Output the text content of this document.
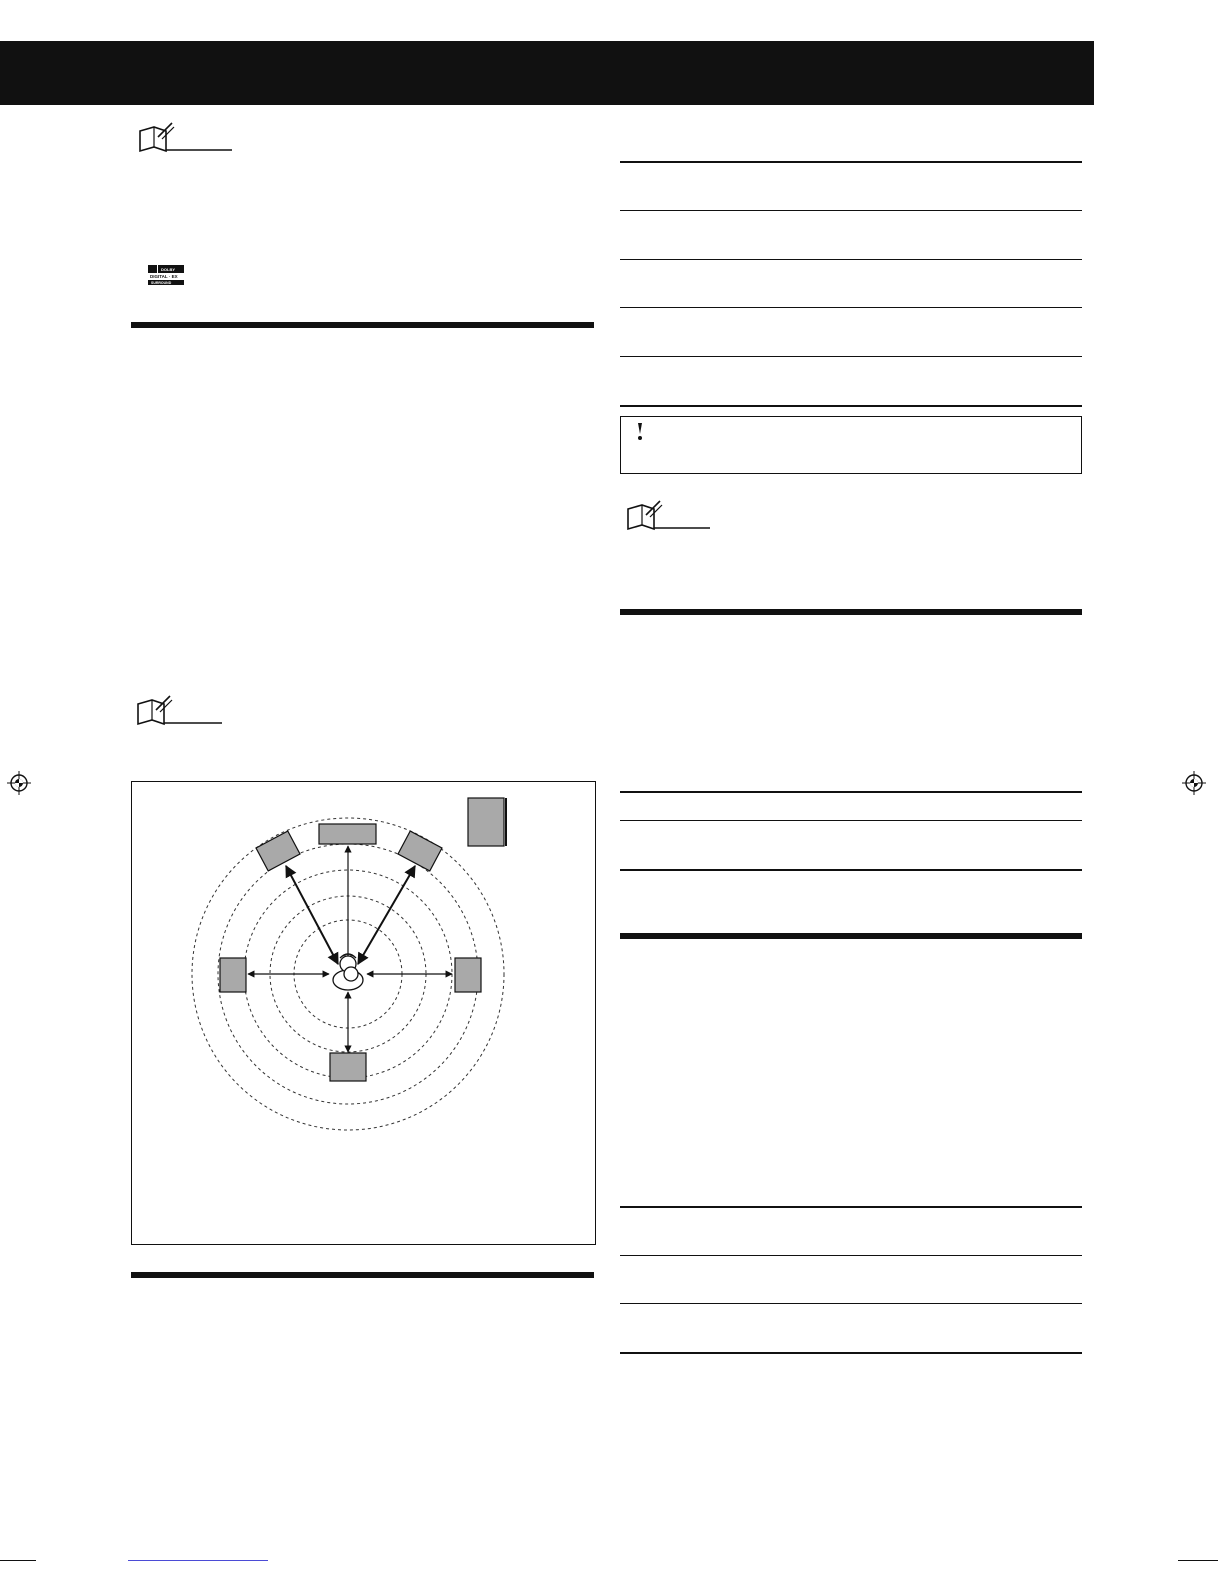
DOLBY
DIGITAL · EX
SURROUND
